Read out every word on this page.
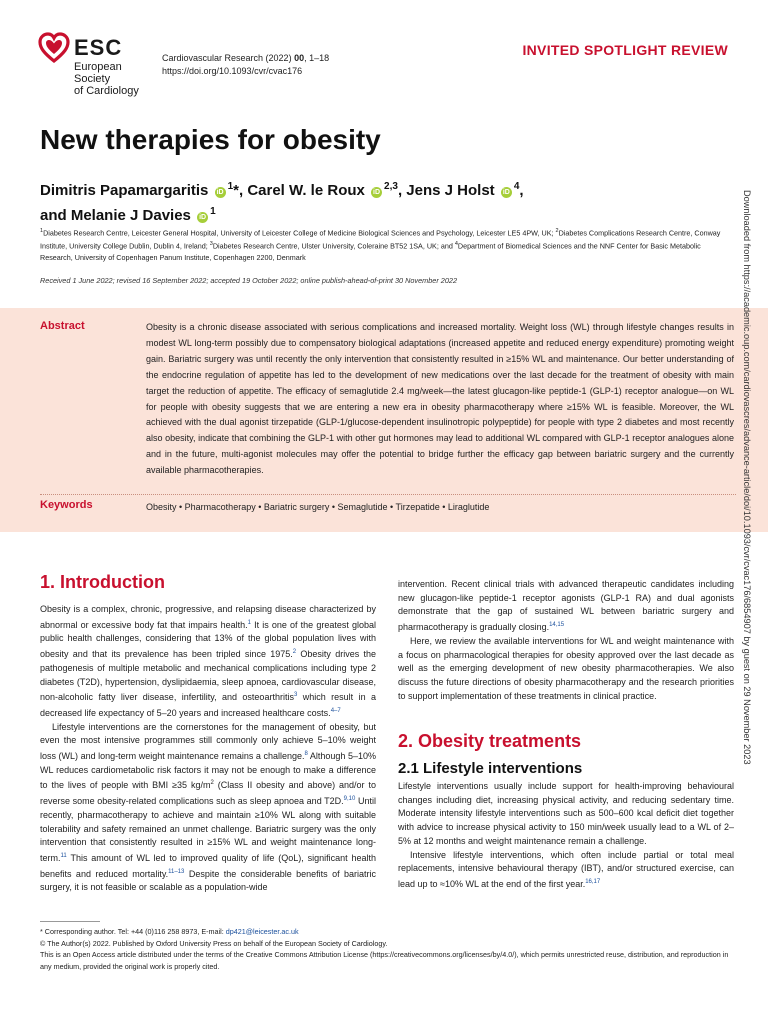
ESC
European Society
of Cardiology
Cardiovascular Research (2022) 00, 1–18
https://doi.org/10.1093/cvr/cvac176
INVITED SPOTLIGHT REVIEW
New therapies for obesity
Dimitris Papamargaritis $iD^1*$, Carel W. le Roux iD$^{2,3}$, Jens J Holst $iD^4$,
and Melanie J Davies $iD^1$
$^1$Diabetes Research Centre, Leicester General Hospital, University of Leicester College of Medicine Biological Sciences and Psychology, Leicester LE5 4PW, UK; $^2$Diabetes Complications Research Centre, Conway Institute, University College Dublin, Dublin 4, Ireland; $^3$Diabetes Research Centre, Ulster University, Coleraine BT52 1SA, UK; and $^4$Department of Biomedical Sciences and the NNF Center for Basic Metabolic Research, University of Copenhagen Panum Institute, Copenhagen 2200, Denmark
Received 1 June 2022; revised 16 September 2022; accepted 19 October 2022; online publish-ahead-of-print 30 November 2022
Abstract	Obesity is a chronic disease associated with serious complications and increased mortality. Weight loss (WL) through lifestyle changes results in modest WL long-term possibly due to compensatory biological adaptations (increased appetite and reduced energy expenditure) promoting weight gain. Bariatric surgery was until recently the only intervention that consistently resulted in ≥15% WL and maintenance. Our better understanding of the endocrine regulation of appetite has led to the development of new medications over the last decade for the treatment of obesity with main target the reduction of appetite. The efficacy of semaglutide 2.4 mg/week—the latest glucagon-like peptide-1 (GLP-1) receptor analogue—on WL for people with obesity suggests that we are entering a new era in obesity pharmacotherapy where ≥15% WL is feasible. Moreover, the WL achieved with the dual agonist tirzepatide (GLP-1/glucose-dependent insulinotropic polypeptide) for people with type 2 diabetes and most recently also obesity, indicate that combining the GLP-1 with other gut hormones may lead to additional WL compared with GLP-1 receptor analogues alone and in the future, multi-agonist molecules may offer the potential to bridge further the efficacy gap between bariatric surgery and the currently available pharmacotherapies.
Keywords	Obesity • Pharmacotherapy • Bariatric surgery • Semaglutide • Tirzepatide • Liraglutide
1. Introduction

Obesity is a complex, chronic, progressive, and relapsing disease characterized by abnormal or excessive body fat that impairs health.$^1$ It is one of the greatest global public health challenges, considering that 13% of the global population lives with obesity and that its prevalence has been tripled since 1975.$^2$ Obesity drives the pathogenesis of multiple metabolic and mechanical complications including type 2 diabetes (T2D), hypertension, dyslipidaemia, sleep apnoea, cardiovascular disease, non-alcoholic fatty liver disease, infertility, and osteoarthritis$^3$ which result in a decreased life expectancy of 5–20 years and increased healthcare costs.$^{4-7}$

Lifestyle interventions are the cornerstones for the management of obesity, but even the most intensive programmes still commonly only achieve 5–10% weight loss (WL) and long-term weight maintenance remains a challenge.$^8$ Although 5–10% WL reduces cardiometabolic risk factors it may not be enough to make a difference to the lives of people with BMI ≥35 $kg/m^2$ (Class II obesity and above) and/or to reverse some obesity-related complications such as sleep apnoea and T2D.$^{9,10}$ Until recently, pharmacotherapy to achieve and maintain ≥10% WL along with suitable tolerability and safety remained an unmet challenge. Bariatric surgery was the only intervention that consistently resulted in ≥15% WL and weight maintenance long-term.$^{11}$ This amount of WL led to improved quality of life (QoL), significant health benefits and reduced mortality.$^{11-13}$ Despite the considerable benefits of bariatric surgery, it is not feasible or scalable as a population-wide

intervention. Recent clinical trials with advanced therapeutic candidates including new glucagon-like peptide-1 receptor agonists (GLP-1 RA) and dual agonists demonstrate that the gap of sustained WL between bariatric surgery and pharmacotherapy is gradually closing.$^{14,15}$

Here, we review the available interventions for WL and weight maintenance with a focus on pharmacological therapies for obesity approved over the last decade as well as the emerging development of new obesity pharmacotherapies. We also discuss the future directions of obesity pharmacotherapy and the research priorities to support implementation of these treatments in clinical practice.

2. Obesity treatments
2.1 Lifestyle interventions

Lifestyle interventions usually include support for health-improving behavioural changes including diet, increasing physical activity, and reducing sedentary time. Moderate intensity lifestyle interventions such as 500–600 kcal deficit diet together with advice to increase physical activity to 150 min/week usually lead to a WL of 2–5% at 12 months and weight maintenance remain a challenge.

Intensive lifestyle interventions, which often include partial or total meal replacements, intensive behavioural therapy (IBT), and/or structured exercise, can lead up to ≈10% WL at the end of the first year.$^{16,17}$

Downloaded from https://academic.oup.com/cardiovascres/advance-article/doi/10.1093/cvr/cvac176/6854907 by guest on 29 November 2023
* Corresponding author. Tel: +44 (0)116 258 8973, E-mail: dp421@leicester.ac.uk
© The Author(s) 2022. Published by Oxford University Press on behalf of the European Society of Cardiology.
This is an Open Access article distributed under the terms of the Creative Commons Attribution License (https://creativecommons.org/licenses/by/4.0/), which permits unrestricted reuse, distribution, and reproduction in any medium, provided the original work is properly cited.
